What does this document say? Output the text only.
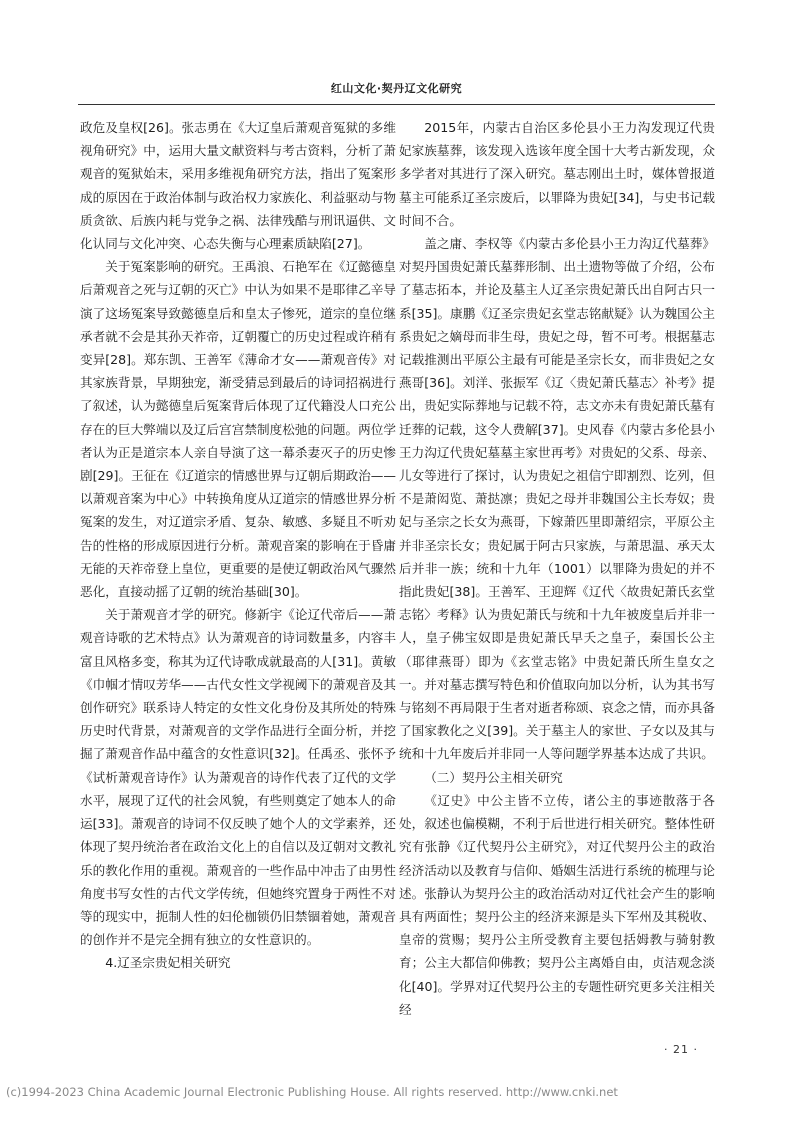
红山文化·契丹辽文化研究

政危及皇权[26]。张志勇在《大辽皇后萧观音冤狱的多维视角研究》中，运用大量文献资料与考古资料，分析了萧观音的冤狱始末，采用多维视角研究方法，指出了冤案形成的原因在于政治体制与政治权力家族化、利益驱动与物质贪欲、后族内耗与党争之祸、法律残酷与刑讯逼供、文化认同与文化冲突、心态失衡与心理素质缺陷[27]。

关于冤案影响的研究。王禹浪、石艳军在《辽懿德皇后萧观音之死与辽朝的灭亡》中认为如果不是耶律乙辛导演了这场冤案导致懿德皇后和皇太子惨死，道宗的皇位继承者就不会是其孙天祚帝，辽朝覆亡的历史过程或许稍有变异[28]。郑东凯、王善军《薄命才女——萧观音传》对其家族背景，早期独宠，渐受猜忌到最后的诗词招祸进行了叙述，认为懿德皇后冤案背后体现了辽代籍没人口充公存在的巨大弊端以及辽后宫宫禁制度松弛的问题。两位学者认为正是道宗本人亲自导演了这一幕杀妻灭子的历史惨剧[29]。王征在《辽道宗的情感世界与辽朝后期政治——以萧观音案为中心》中转换角度从辽道宗的情感世界分析冤案的发生，对辽道宗矛盾、复杂、敏感、多疑且不听劝告的性格的形成原因进行分析。萧观音案的影响在于昏庸无能的天祚帝登上皇位，更重要的是使辽朝政治风气骤然恶化，直接动摇了辽朝的统治基础[30]。

关于萧观音才学的研究。修新宇《论辽代帝后——萧观音诗歌的艺术特点》认为萧观音的诗词数量多，内容丰富且风格多变，称其为辽代诗歌成就最高的人[31]。黄敏《巾帼才情叹芳华——古代女性文学视阈下的萧观音及其创作研究》联系诗人特定的女性文化身份及其所处的特殊历史时代背景，对萧观音的文学作品进行全面分析，并挖掘了萧观音作品中蕴含的女性意识[32]。任禹丞、张怀予《试析萧观音诗作》认为萧观音的诗作代表了辽代的文学水平，展现了辽代的社会风貌，有些则奠定了她本人的命运[33]。萧观音的诗词不仅反映了她个人的文学素养，还体现了契丹统治者在政治文化上的自信以及辽朝对文教礼乐的教化作用的重视。萧观音的一些作品中冲击了由男性角度书写女性的古代文学传统，但她终究置身于两性不对等的现实中，扼制人性的妇伦枷锁仍旧禁锢着她，萧观音的创作并不是完全拥有独立的女性意识的。

4.辽圣宗贵妃相关研究

2015年，内蒙古自治区多伦县小王力沟发现辽代贵妃家族墓葬，该发现入选该年度全国十大考古新发现，众多学者对其进行了深入研究。墓志刚出土时，媒体曾报道墓主可能系辽圣宗废后，以罪降为贵妃[34]，与史书记载时间不合。

盖之庸、李权等《内蒙古多伦县小王力沟辽代墓葬》对契丹国贵妃萧氏墓葬形制、出土遗物等做了介绍，公布了墓志拓本，并论及墓主人辽圣宗贵妃萧氏出自阿古只一系[35]。康鹏《辽圣宗贵妃玄堂志铭献疑》认为魏国公主系贵妃之嫡母而非生母，贵妃之母，暂不可考。根据墓志记载推测出平原公主最有可能是圣宗长女，而非贵妃之女燕哥[36]。刘洋、张振军《辽〈贵妃萧氏墓志〉补考》提出，贵妃实际葬地与记载不符，志文亦未有贵妃萧氏墓有迁葬的记载，这令人费解[37]。史风春《内蒙古多伦县小王力沟辽代贵妃墓墓主家世再考》对贵妃的父系、母亲、儿女等进行了探讨，认为贵妃之祖信宁即割烈、讫列，但不是萧闳览、萧挞凛；贵妃之母并非魏国公主长寿奴；贵妃与圣宗之长女为燕哥，下嫁萧匹里即萧绍宗，平原公主并非圣宗长女；贵妃属于阿古只家族，与萧思温、承天太后并非一族；统和十九年（1001）以罪降为贵妃的并不指此贵妃[38]。王善军、王迎辉《辽代〈故贵妃萧氏玄堂志铭〉考释》认为贵妃萧氏与统和十九年被废皇后并非一人，皇子佛宝奴即是贵妃萧氏早夭之皇子，秦国长公主（耶律燕哥）即为《玄堂志铭》中贵妃萧氏所生皇女之一。并对墓志撰写特色和价值取向加以分析，认为其书写与铭刻不再局限于生者对逝者称颂、哀念之情，而亦具备了国家教化之义[39]。关于墓主人的家世、子女以及其与统和十九年废后并非同一人等问题学界基本达成了共识。

（二）契丹公主相关研究

《辽史》中公主皆不立传，诸公主的事迹散落于各处，叙述也偏模糊，不利于后世进行相关研究。整体性研究有张静《辽代契丹公主研究》，对辽代契丹公主的政治经济活动以及教育与信仰、婚姻生活进行系统的梳理与论述。张静认为契丹公主的政治活动对辽代社会产生的影响具有两面性；契丹公主的经济来源是头下军州及其税收、皇帝的赏赐；契丹公主所受教育主要包括姆教与骑射教育；公主大都信仰佛教；契丹公主离婚自由，贞洁观念淡化[40]。学界对辽代契丹公主的专题性研究更多关注相关经

· 21 ·
(c)1994-2023 China Academic Journal Electronic Publishing House. All rights reserved. http://www.cnki.net
